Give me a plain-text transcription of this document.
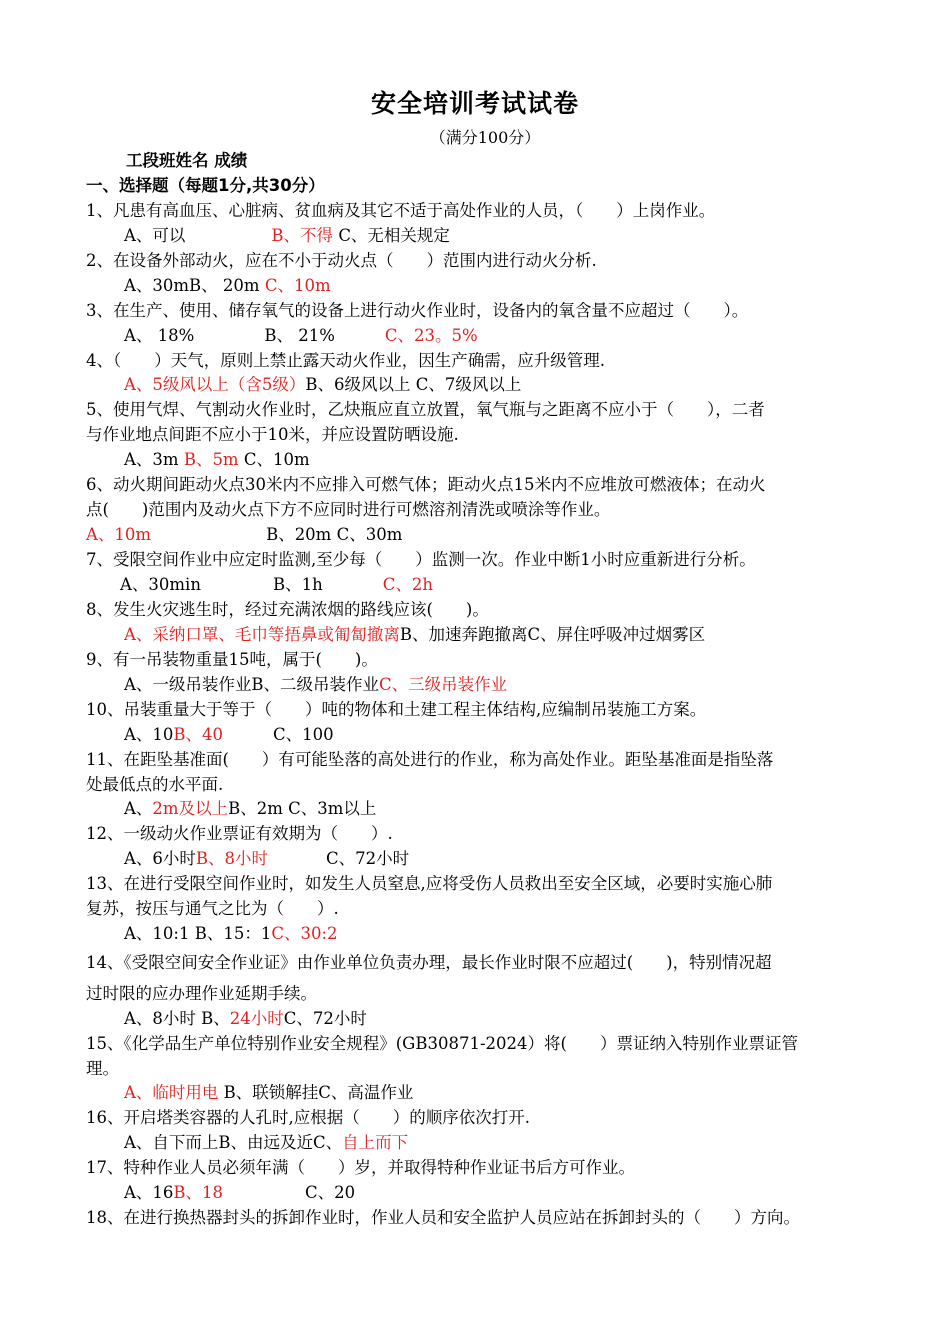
安全培训考试试卷
（满分100分）
工段班姓名 成绩
一、选择题（每题1分,共30分）
1、凡患有高血压、心脏病、贫血病及其它不适于高处作业的人员，（　　）上岗作业。
A、可以	B、不得 C、无相关规定
2、在设备外部动火，应在不小于动火点（　　）范围内进行动火分析.
A、30mB、 20m C、10m
3、在生产、使用、储存氧气的设备上进行动火作业时，设备内的氧含量不应超过（　　）。
A、 18%	B、 21%	C、23。5%
4、（　　）天气，原则上禁止露天动火作业，因生产确需，应升级管理.
A、5级风以上（含5级）B、6级风以上 C、7级风以上
5、使用气焊、气割动火作业时，乙炔瓶应直立放置，氧气瓶与之距离不应小于（　　），二者
与作业地点间距不应小于10米，并应设置防晒设施.
A、3m B、5m C、10m
6、动火期间距动火点30米内不应排入可燃气体；距动火点15米内不应堆放可燃液体；在动火
点(　　)范围内及动火点下方不应同时进行可燃溶剂清洗或喷涂等作业。
A、10m	B、20m C、30m
7、受限空间作业中应定时监测,至少每（　　）监测一次。作业中断1小时应重新进行分析。
A、30min	B、1h	C、2h
8、发生火灾逃生时，经过充满浓烟的路线应该(　　)。
A、采纳口罩、毛巾等捂鼻或匍匐撤离B、加速奔跑撤离C、屏住呼吸冲过烟雾区
9、有一吊装物重量15吨，属于(　　)。
A、一级吊装作业B、二级吊装作业C、三级吊装作业
10、吊装重量大于等于（　　）吨的物体和土建工程主体结构,应编制吊装施工方案。
A、10B、40	C、100
11、在距坠基准面(　　）有可能坠落的高处进行的作业，称为高处作业。距坠基准面是指坠落
处最低点的水平面.
A、2m及以上B、2m C、3m以上
12、一级动火作业票证有效期为（　　）.
A、6小时B、8小时	C、72小时
13、在进行受限空间作业时，如发生人员窒息,应将受伤人员救出至安全区域，必要时实施心肺
复苏，按压与通气之比为（　　）.
A、10:1 B、15：1C、30:2
14、《受限空间安全作业证》由作业单位负责办理，最长作业时限不应超过(　　)，特别情况超
过时限的应办理作业延期手续。
A、8小时 B、24小时C、72小时
15、《化学品生产单位特别作业安全规程》(GB30871-2024）将(　　）票证纳入特别作业票证管
理。
A、临时用电 B、联锁解挂C、高温作业
16、开启塔类容器的人孔时,应根据（　　）的顺序依次打开.
A、自下而上B、由远及近C、自上而下
17、特种作业人员必须年满（　　）岁，并取得特种作业证书后方可作业。
A、16B、18	C、20
18、在进行换热器封头的拆卸作业时，作业人员和安全监护人员应站在拆卸封头的（　　）方向。
